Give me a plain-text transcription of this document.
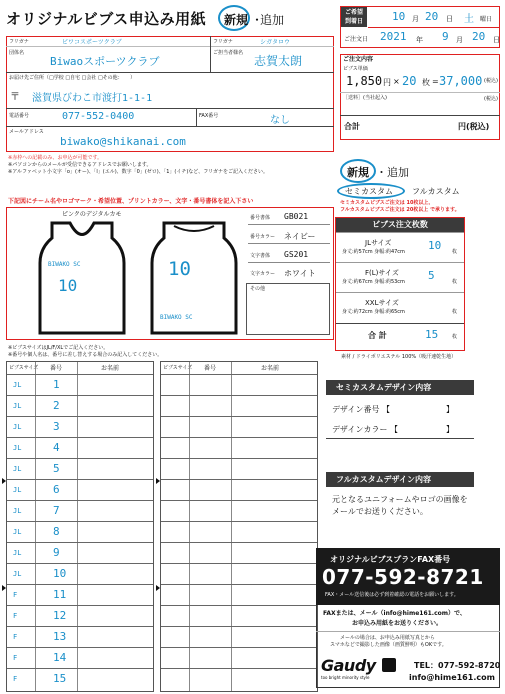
オリジナルビブス申込み用紙 新規 ・
追加
ご希望
到着日	10 月 20 日 土 曜日
ご注文日 2021 年 9 月 20 日
フリガナ	ビワコスポーツクラブ
団体名
Biwaoスポーツクラブ
フリガナ	シガタロウ
ご担当者様名
志賀太朗
お届け先ご住所（□学校 □自宅 □会社 □その他：　　）
〒 滋賀県びわこ市渡打1-1-1
電話番号	077-552-0400	FAX番号	なし
メールアドレス
biwako@shikanai.com
ご注文内容
ビブス単価
1,850 円 × 20 枚 = 37,000 (税込)
［送料］(当社起入)	(税込)
合計	円(税込)
※赤枠への記載のみ、お申込が可能です。
※パソコンからのメールが受信できるアドレスでお願いします。
※アルファベット小文字「o」(オー)、「l」(エル)、数字「0」(ゼロ)、「1」(イチ)など、フリガナをご記入ください。
下記図にチーム名やロゴマーク・希望位置、プリントカラー、文字・番号書体を記入下さい
ピンクのデジタルカモ
BIWAKO SC
10
10
BIWAKO SC
番号書体 GB021
番号カラー ネイビー
文字書体 GS201
文字カラー ホワイト
その他
※ビブスサイズはJL/F/XLでご記入ください。
※番号や個人名は、番号に差し替えする場合のみ記入してください。
ビブスサイズ 番号	お名前
JL	1
JL	2
JL	3
JL	4
JL	5
JL	6
JL	7
JL	8
JL	9
JL	10
F	11
F	12
F	13
F	14
F	15
ビブスサイズ 番号	お名前
新規 ・ 追加
セミカスタム フルカスタム
セミカスタムビブスご注文は 10枚以上、
フルカスタムビブスご注文は 20枚以上 で承ります。
ビブス注文枚数
JLサイズ
身丈:約57cm 身幅:約47cm 10 枚
F(L)サイズ
身丈:約67cm 身幅:約53cm 5	枚
XXLサイズ
身丈:約72cm 身幅:約65cm	枚
合 計	15	枚
素材 / ドライポリエステル 100%（吸汗速乾生地）
セミカスタムデザイン内容
デザイン番号 【　　　　　　　】
デザインカラー 【　　　　　　】
フルカスタムデザイン内容
元となるユニフォームやロゴの画像を
メールでお送りください。
オリジナルビブスプランFAX番号
077-592-8721
FAX・メール送信後は必ず到着確認の電話をお願いします。
FAXまたは、メール（info@hime161.com）で、
お申込み用紙をお送りください。
メールの場合は、お申込み用紙写真とから
スマホなどで撮影した画像（画質鮮明）もOKです。
Gaudy
too bright minority style
TEL：077-592-8720
info@hime161.com
